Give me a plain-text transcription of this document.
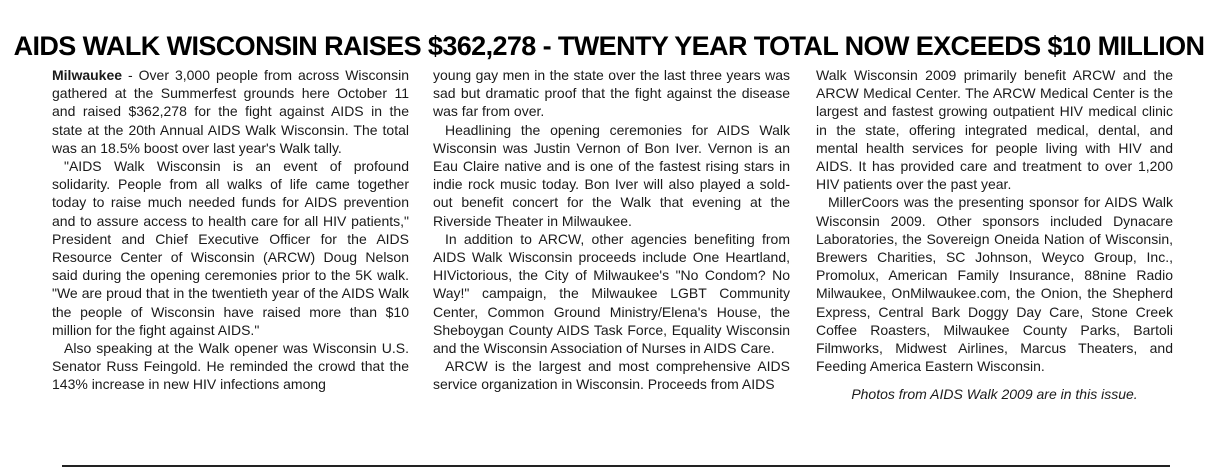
AIDS WALK WISCONSIN RAISES $362,278 - TWENTY YEAR TOTAL NOW EXCEEDS $10 MILLION

Milwaukee - Over 3,000 people from across Wisconsin gathered at the Summerfest grounds here October 11 and raised $362,278 for the fight against AIDS in the state at the 20th Annual AIDS Walk Wisconsin. The total was an 18.5% boost over last year's Walk tally.

"AIDS Walk Wisconsin is an event of profound solidarity. People from all walks of life came together today to raise much needed funds for AIDS prevention and to assure access to health care for all HIV patients," President and Chief Executive Officer for the AIDS Resource Center of Wisconsin (ARCW) Doug Nelson said during the opening ceremonies prior to the 5K walk. "We are proud that in the twentieth year of the AIDS Walk the people of Wisconsin have raised more than $10 million for the fight against AIDS."

Also speaking at the Walk opener was Wisconsin U.S. Senator Russ Feingold. He reminded the crowd that the 143% increase in new HIV infections among

young gay men in the state over the last three years was sad but dramatic proof that the fight against the disease was far from over.

Headlining the opening ceremonies for AIDS Walk Wisconsin was Justin Vernon of Bon Iver. Vernon is an Eau Claire native and is one of the fastest rising stars in indie rock music today. Bon Iver will also played a sold-out benefit concert for the Walk that evening at the Riverside Theater in Milwaukee.

In addition to ARCW, other agencies benefiting from AIDS Walk Wisconsin proceeds include One Heartland, HIVictorious, the City of Milwaukee's "No Condom? No Way!" campaign, the Milwaukee LGBT Community Center, Common Ground Ministry/Elena's House, the Sheboygan County AIDS Task Force, Equality Wisconsin and the Wisconsin Association of Nurses in AIDS Care.

ARCW is the largest and most comprehensive AIDS service organization in Wisconsin. Proceeds from AIDS

Walk Wisconsin 2009 primarily benefit ARCW and the ARCW Medical Center. The ARCW Medical Center is the largest and fastest growing outpatient HIV medical clinic in the state, offering integrated medical, dental, and mental health services for people living with HIV and AIDS. It has provided care and treatment to over 1,200 HIV patients over the past year.

MillerCoors was the presenting sponsor for AIDS Walk Wisconsin 2009. Other sponsors included Dynacare Laboratories, the Sovereign Oneida Nation of Wisconsin, Brewers Charities, SC Johnson, Weyco Group, Inc., Promolux, American Family Insurance, 88nine Radio Milwaukee, OnMilwaukee.com, the Onion, the Shepherd Express, Central Bark Doggy Day Care, Stone Creek Coffee Roasters, Milwaukee County Parks, Bartoli Filmworks, Midwest Airlines, Marcus Theaters, and Feeding America Eastern Wisconsin.

Photos from AIDS Walk 2009 are in this issue.
